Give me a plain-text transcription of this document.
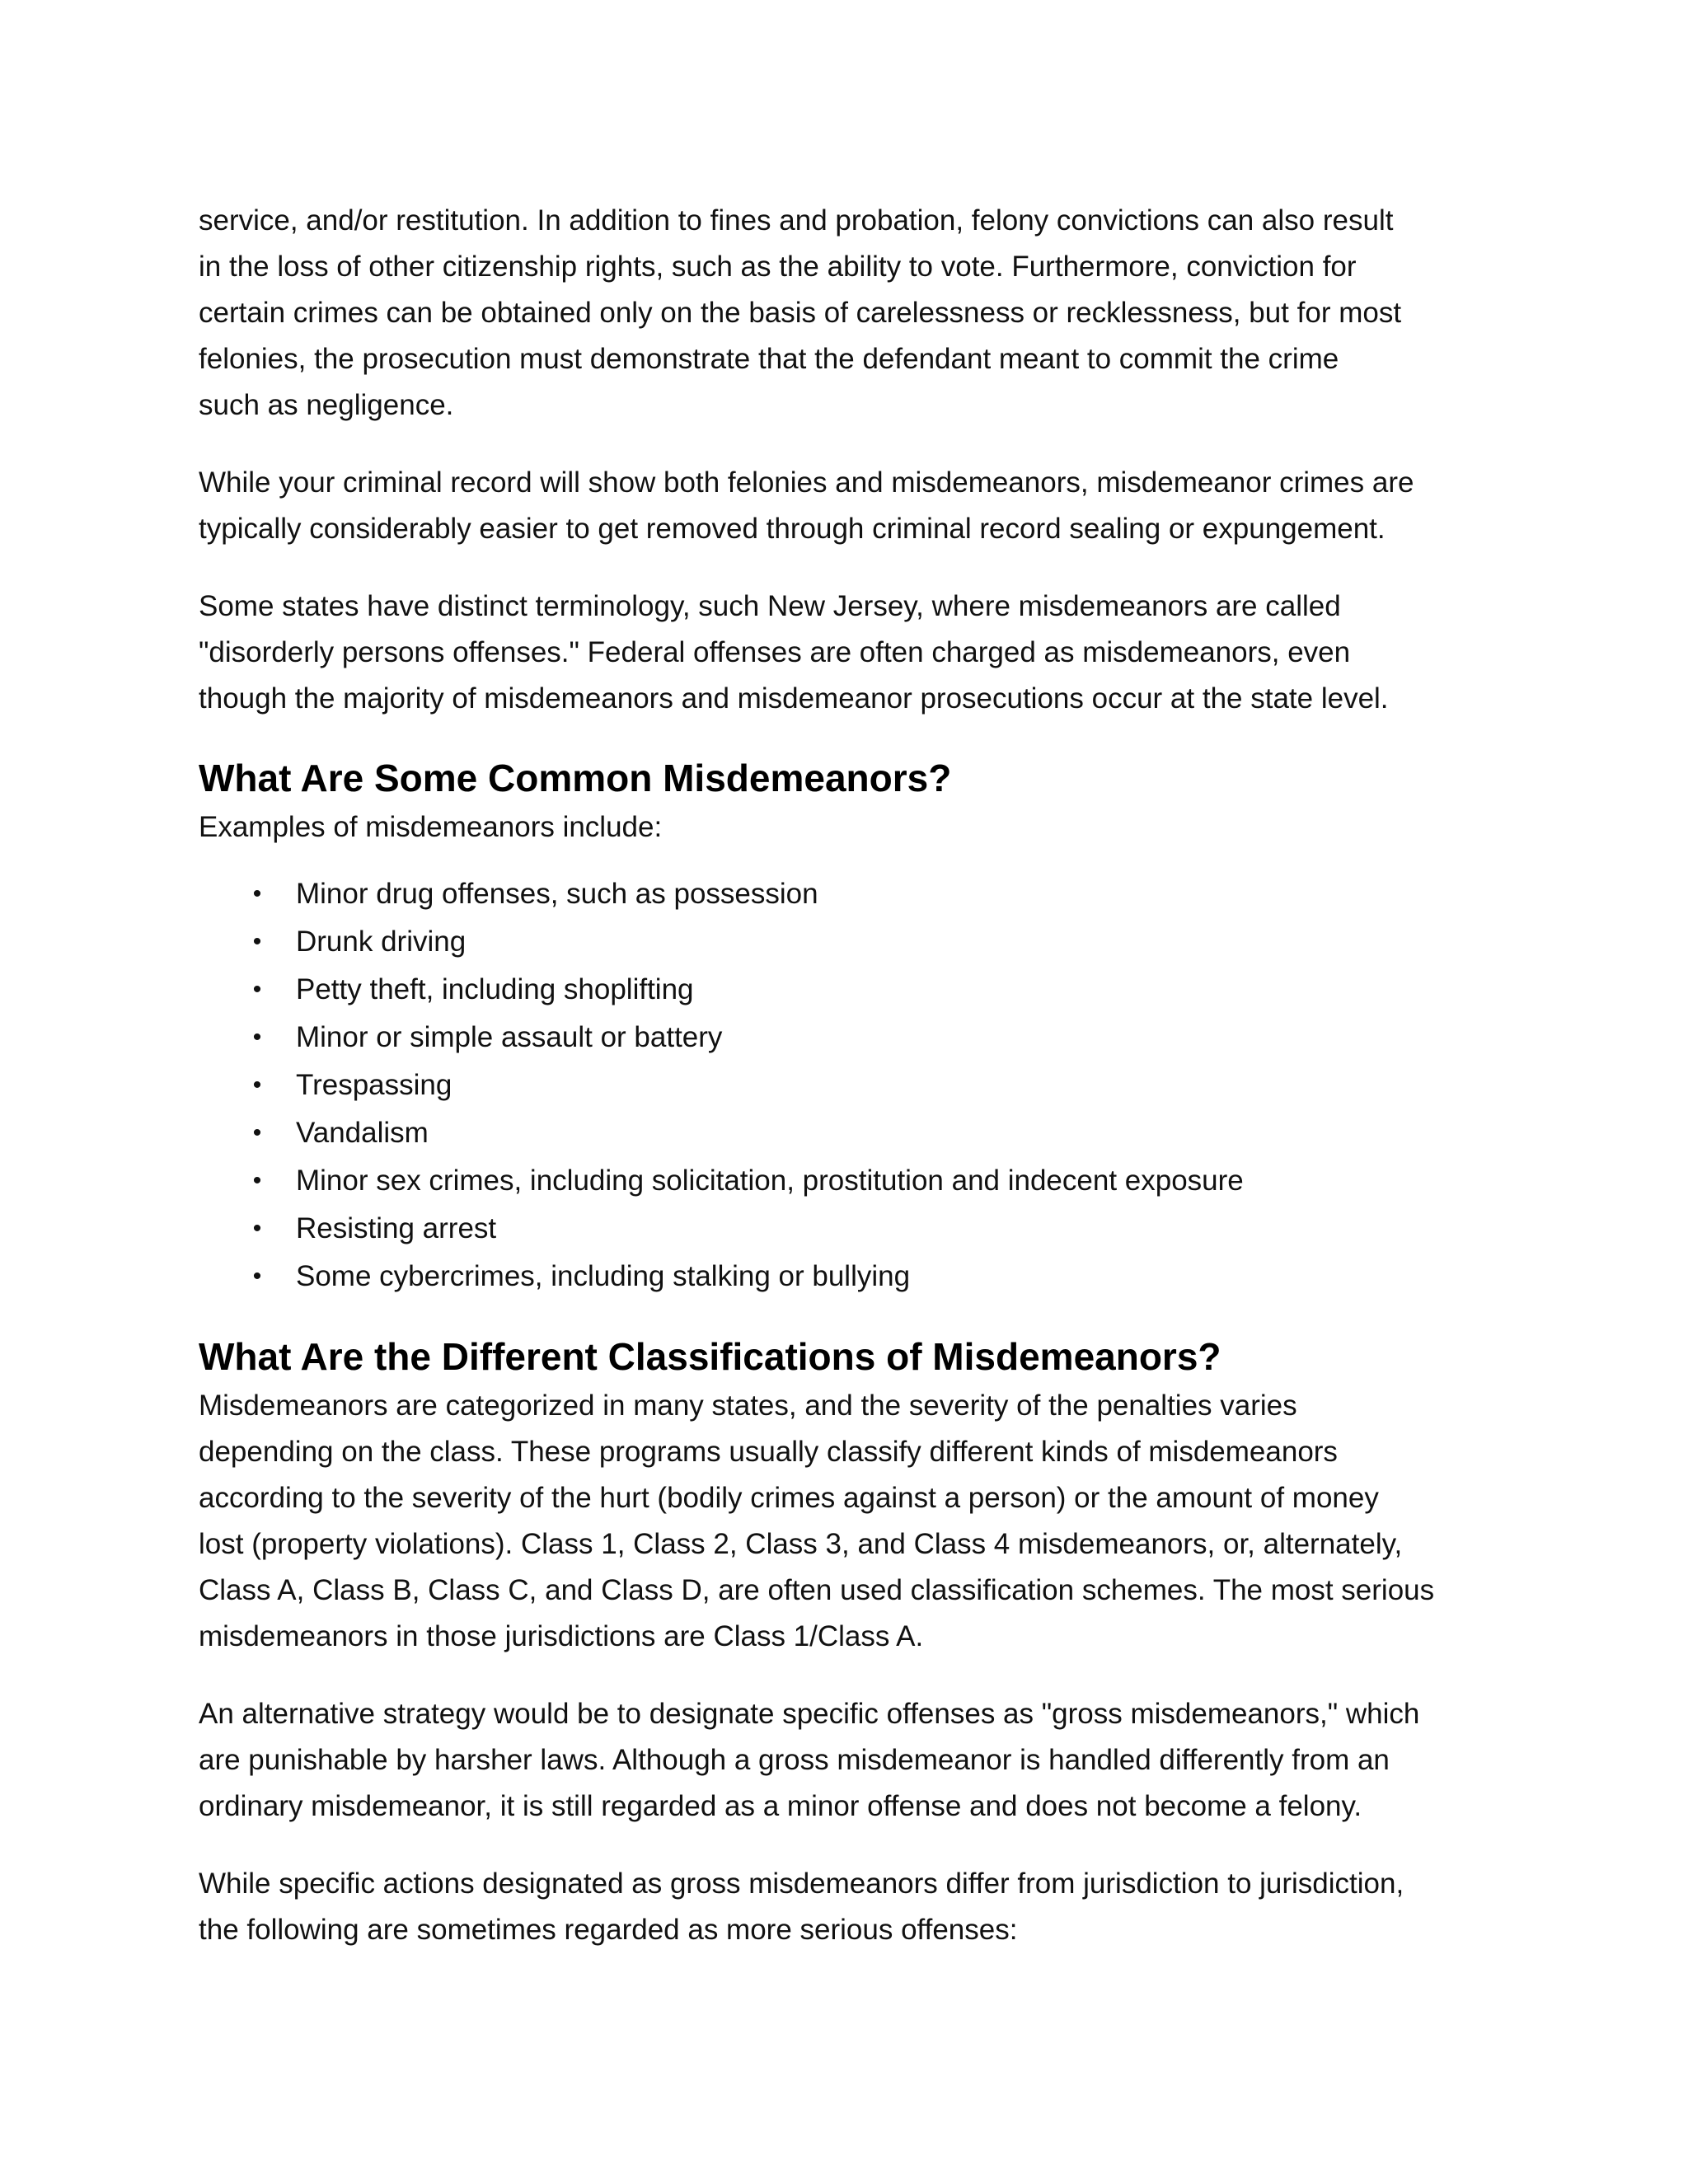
service, and/or restitution. In addition to fines and probation, felony convictions can also result
in the loss of other citizenship rights, such as the ability to vote. Furthermore, conviction for
certain crimes can be obtained only on the basis of carelessness or recklessness, but for most
felonies, the prosecution must demonstrate that the defendant meant to commit the crime
such as negligence.

While your criminal record will show both felonies and misdemeanors, misdemeanor crimes are
typically considerably easier to get removed through criminal record sealing or expungement.

Some states have distinct terminology, such New Jersey, where misdemeanors are called
"disorderly persons offenses." Federal offenses are often charged as misdemeanors, even
though the majority of misdemeanors and misdemeanor prosecutions occur at the state level.

What Are Some Common Misdemeanors?

Examples of misdemeanors include:

• Minor drug offenses, such as possession
• Drunk driving
• Petty theft, including shoplifting
• Minor or simple assault or battery
• Trespassing
• Vandalism
• Minor sex crimes, including solicitation, prostitution and indecent exposure
• Resisting arrest
• Some cybercrimes, including stalking or bullying
What Are the Different Classifications of Misdemeanors?

Misdemeanors are categorized in many states, and the severity of the penalties varies
depending on the class. These programs usually classify different kinds of misdemeanors
according to the severity of the hurt (bodily crimes against a person) or the amount of money
lost (property violations). Class 1, Class 2, Class 3, and Class 4 misdemeanors, or, alternately,
Class A, Class B, Class C, and Class D, are often used classification schemes. The most serious
misdemeanors in those jurisdictions are Class 1/Class A.

An alternative strategy would be to designate specific offenses as "gross misdemeanors," which
are punishable by harsher laws. Although a gross misdemeanor is handled differently from an
ordinary misdemeanor, it is still regarded as a minor offense and does not become a felony.

While specific actions designated as gross misdemeanors differ from jurisdiction to jurisdiction,
the following are sometimes regarded as more serious offenses:
